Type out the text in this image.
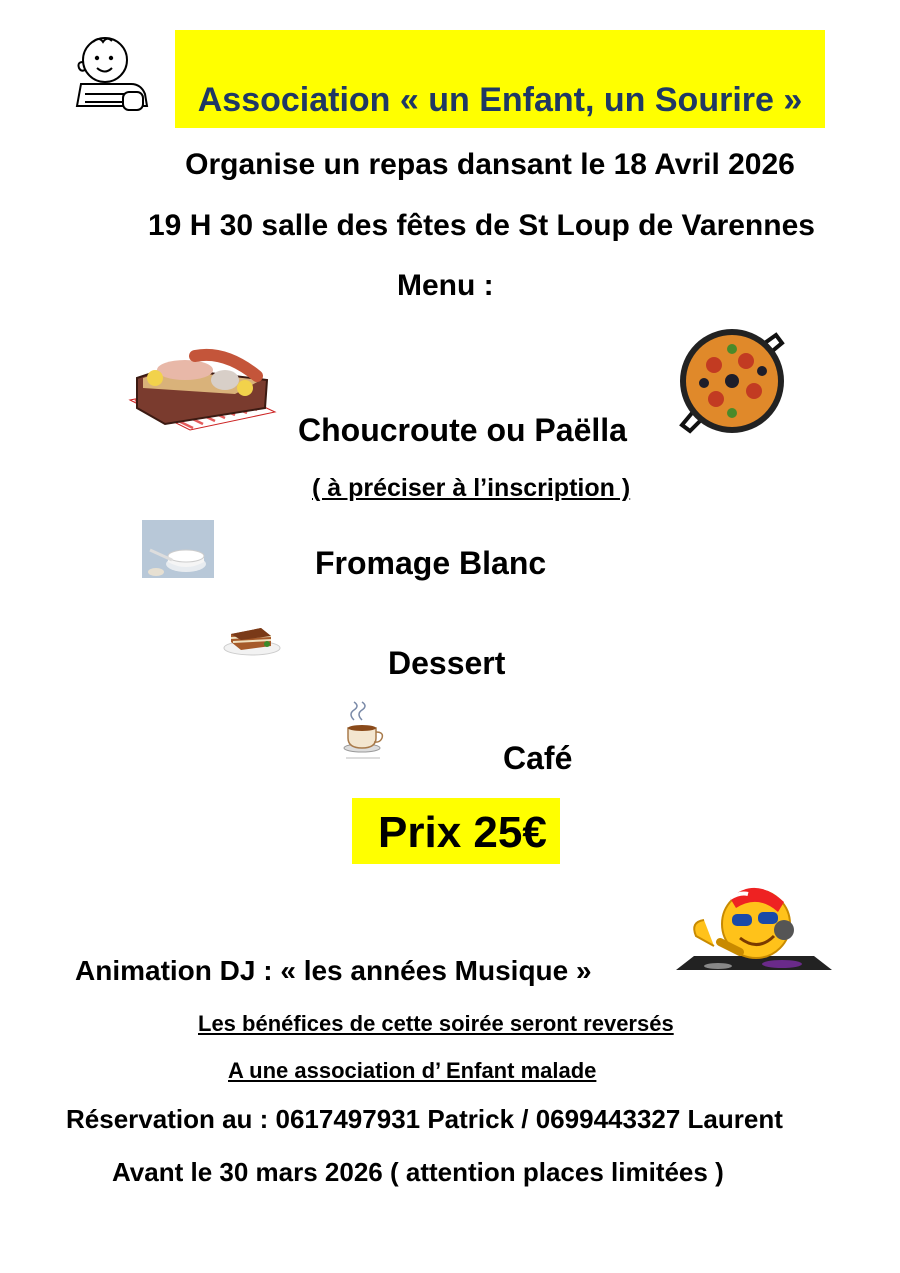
Association « un Enfant, un Sourire »
Organise un repas dansant le 18 Avril 2026
19 H 30 salle des fêtes de St Loup de Varennes
Menu :
Choucroute ou Paëlla
( à préciser à l’inscription )
Fromage Blanc
Dessert
Café
Prix 25€
Animation DJ : « les années Musique »
Les bénéfices de cette soirée seront reversés
A une association d’ Enfant malade
Réservation au : 0617497931 Patrick / 0699443327 Laurent
Avant le 30 mars 2026 ( attention places limitées )
